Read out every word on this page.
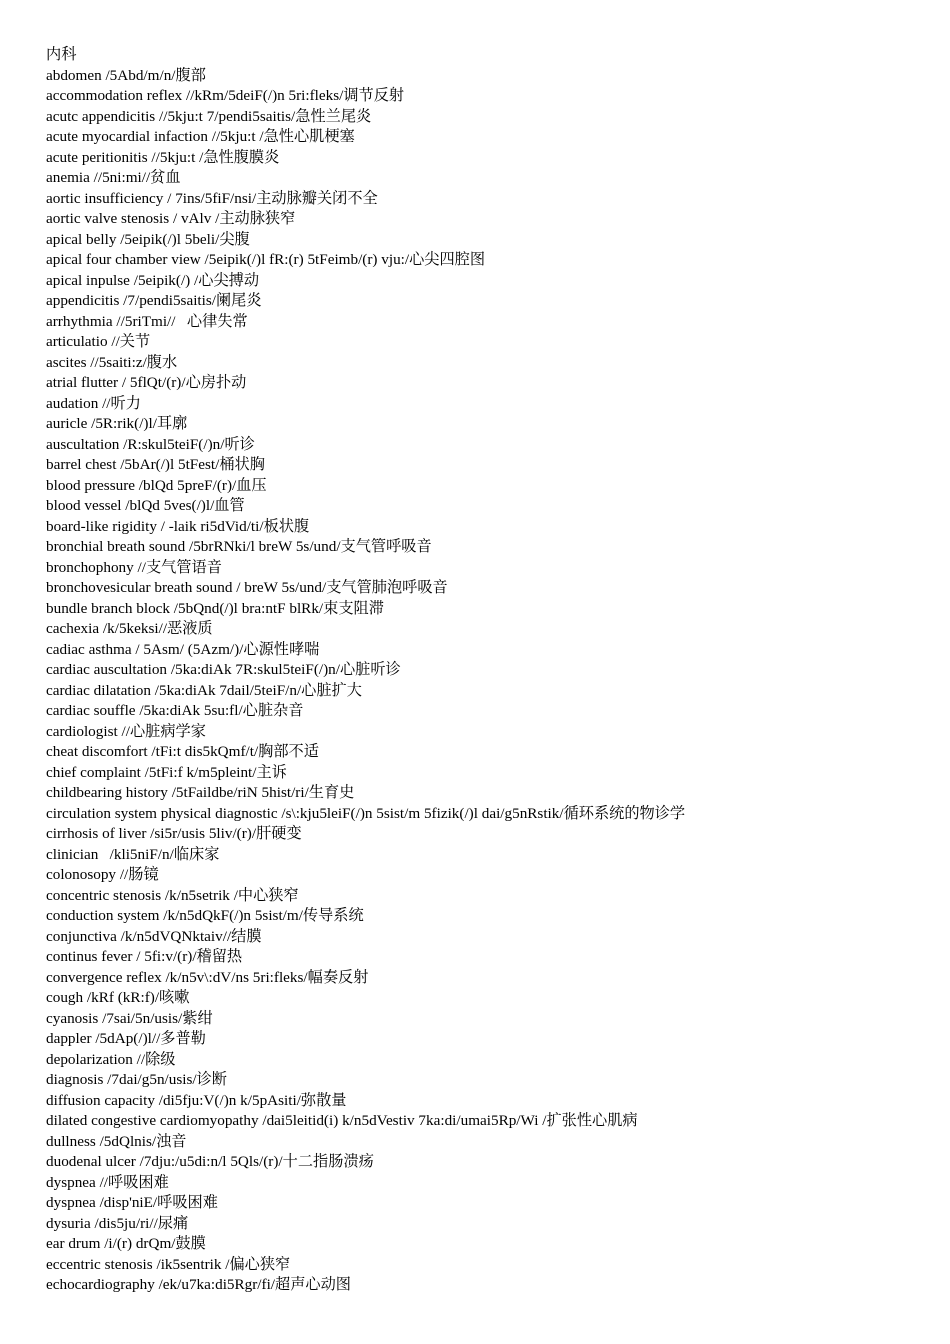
内科
abdomen /5Abd/m/n/腹部
accommodation reflex //kRm/5deiF(/)n 5ri:fleks/调节反射
acutc appendicitis //5kju:t 7/pendi5saitis/急性兰尾炎
acute myocardial infaction //5kju:t /急性心肌梗塞
acute peritionitis //5kju:t /急性腹膜炎
anemia //5ni:mi//贫血
aortic insufficiency / 7ins/5fiF/nsi/主动脉瓣关闭不全
aortic valve stenosis / vAlv /主动脉狭窄
apical belly /5eipik(/)l 5beli/尖腹
apical four chamber view /5eipik(/)l fR:(r) 5tFeimb/(r) vju:/心尖四腔图
apical inpulse /5eipik(/) /心尖搏动
appendicitis /7/pendi5saitis/阑尾炎
arrhythmia //5riTmi//   心律失常
articulatio //关节
ascites //5saiti:z/腹水
atrial flutter / 5flQt/(r)/心房扑动
audation //听力
auricle /5R:rik(/)l/耳廓
auscultation /R:skul5teiF(/)n/听诊
barrel chest /5bAr(/)l 5tFest/桶状胸
blood pressure /blQd 5preF/(r)/血压
blood vessel /blQd 5ves(/)l/血管
board-like rigidity / -laik ri5dVid/ti/板状腹
bronchial breath sound /5brRNki/l breW 5s/und/支气管呼吸音
bronchophony //支气管语音
bronchovesicular breath sound / breW 5s/und/支气管肺泡呼吸音
bundle branch block /5bQnd(/)l bra:ntF blRk/束支阻滞
cachexia /k/5keksi//恶液质
cadiac asthma / 5Asm/ (5Azm/)/心源性哮喘
cardiac auscultation /5ka:diAk 7R:skul5teiF(/)n/心脏听诊
cardiac dilatation /5ka:diAk 7dail/5teiF/n/心脏扩大
cardiac souffle /5ka:diAk 5su:fl/心脏杂音
cardiologist //心脏病学家
cheat discomfort /tFi:t dis5kQmf/t/胸部不适
chief complaint /5tFi:f k/m5pleint/主诉
childbearing history /5tFaildbe/riN 5hist/ri/生育史
circulation system physical diagnostic /s\:kju5leiF(/)n 5sist/m 5fizik(/)l dai/g5nRstik/循环系统的物诊学
cirrhosis of liver /si5r/usis 5liv/(r)/肝硬变
clinician   /kli5niF/n/临床家
colonosopy //肠镜
concentric stenosis /k/n5setrik /中心狭窄
conduction system /k/n5dQkF(/)n 5sist/m/传导系统
conjunctiva /k/n5dVQNktaiv//结膜
continus fever / 5fi:v/(r)/稽留热
convergence reflex /k/n5v\:dV/ns 5ri:fleks/幅奏反射
cough /kRf (kR:f)/咳嗽
cyanosis /7sai/5n/usis/紫绀
dappler /5dAp(/)l//多普勒
depolarization //除级
diagnosis /7dai/g5n/usis/诊断
diffusion capacity /di5fju:V(/)n k/5pAsiti/弥散量
dilated congestive cardiomyopathy /dai5leitid(i) k/n5dVestiv 7ka:di/umai5Rp/Wi /扩张性心肌病
dullness /5dQlnis/浊音
duodenal ulcer /7dju:/u5di:n/l 5Qls/(r)/十二指肠溃疡
dyspnea //呼吸困难
dyspnea /disp'niE/呼吸困难
dysuria /dis5ju/ri//尿痛
ear drum /i/(r) drQm/鼓膜
eccentric stenosis /ik5sentrik /偏心狭窄
echocardiography /ek/u7ka:di5Rgr/fi/超声心动图
